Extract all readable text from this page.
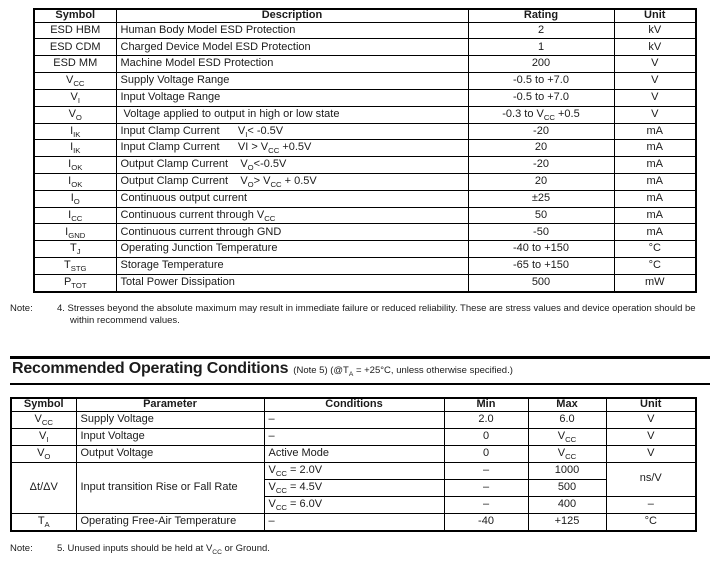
Symbol	Description	Rating	Unit
ESD HBM	Human Body Model ESD Protection	2	kV
ESD CDM	Charged Device Model ESD Protection	1	kV
ESD MM	Machine Model ESD Protection	200	V
$V_{CC}$	Supply Voltage Range	-0.5 to +7.0	V
$V_I$	Input Voltage Range	-0.5 to +7.0	V
$V_O$	Voltage applied to output in high or low state	-0.3 to $V_{CC} +0.5$	V
$I_{IK}$	Input Clamp Current      $V_I< -0.5V$	-20	mA
$I_{IK}$	Input Clamp Current      VI > $V_{CC} +0.5V$	20	mA
$I_{OK}$	Output Clamp Current    $V_O<-0.5V$	-20	mA
$I_{OK}$	Output Clamp Current    $V_O> V_{CC} + 0.5V$	20	mA
$I_O$	Continuous output current	±25	mA
$I_{CC}$	Continuous current through $V_{CC}$	50	mA
$I_{GND}$	Continuous current through GND	-50	mA
$T_J$	Operating Junction Temperature	-40 to +150	°C
$T_{STG}$	Storage Temperature	-65 to +150	°C
$P_{TOT}$	Total Power Dissipation	500	mW
Note:	4. Stresses beyond the absolute maximum may result in immediate failure or reduced reliability. These are stress values and device operation should be
within recommend values.
Recommended Operating Conditions (Note 5) ($@T_A = +25^\circ C$, unless otherwise specified.)
Symbol	Parameter	Conditions	Min	Max	Unit
$V_{CC}$	Supply Voltage	–	2.0	6.0	V
$V_I$	Input Voltage	–	0	$V_{CC}$	V
$V_O$	Output Voltage	Active Mode	0	$V_{CC}$	V
Δt/ΔV	Input transition Rise or Fall Rate	$V_{CC} = 2.0V$	–	1000	ns/V
		$V_{CC} = 4.5V$	–	500	
		$V_{CC} = 6.0V$	–	400	–
$T_A$	Operating Free-Air Temperature	–	-40	+125	°C
Note:	5. Unused inputs should be held at $V_{CC}$ or Ground.
